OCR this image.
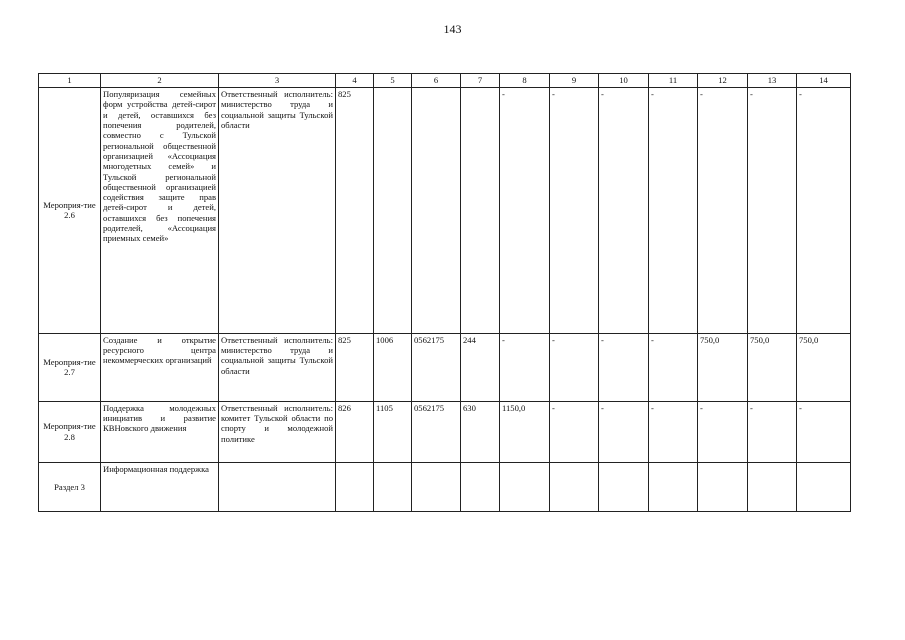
143
1	2	3	4	5	6	7	8	9	10	11	12	13	14
Мероприя-тие 2.6	Популяризация семейных форм устройства детей-сирот и детей, оставшихся без попечения родителей, совместно с Тульской региональной общественной организацией «Ассоциация многодетных семей» и Тульской региональной общественной организацией содействия защите прав детей-сирот и детей, оставшихся без попечения родителей, «Ассоциация приемных семей»	Ответственный исполнитель: министерство труда и социальной защиты Тульской области	825				-	-	-	-	-	-	-
Мероприя-тие 2.7	Создание и открытие ресурсного центра некоммерческих организаций	Ответственный исполнитель: министерство труда и социальной защиты Тульской области	825	1006	0562175	244	-	-	-	-	750,0	750,0	750,0
Мероприя-тие 2.8	Поддержка молодежных инициатив и развитие КВНовского движения	Ответственный исполнитель: комитет Тульской области по спорту и молодежной политике	826	1105	0562175	630	1150,0	-	-	-	-	-	-
Раздел 3	Информационная поддержка												
